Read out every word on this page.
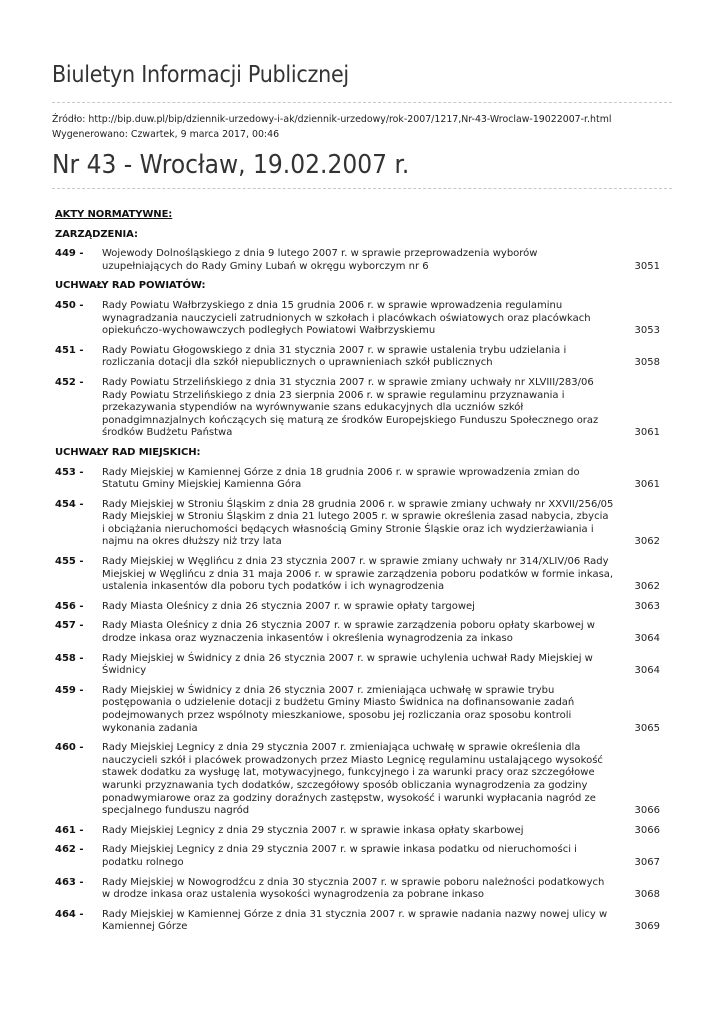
Biuletyn Informacji Publicznej
Źródło: http://bip.duw.pl/bip/dziennik-urzedowy-i-ak/dziennik-urzedowy/rok-2007/1217,Nr-43-Wroclaw-19022007-r.html
Wygenerowano: Czwartek, 9 marca 2017, 00:46
Nr 43 - Wrocław, 19.02.2007 r.
AKTY NORMATYWNE:
ZARZĄDZENIA:
449 -	Wojewody Dolnośląskiego z dnia 9 lutego 2007 r. w sprawie przeprowadzenia wyborów uzupełniających do Rady Gminy Lubań w okręgu wyborczym nr 6	3051
UCHWAŁY RAD POWIATÓW:
450 -	Rady Powiatu Wałbrzyskiego z dnia 15 grudnia 2006 r. w sprawie wprowadzenia regulaminu wynagradzania nauczycieli zatrudnionych w szkołach i placówkach oświatowych oraz placówkach opiekuńczo-wychowawczych podległych Powiatowi Wałbrzyskiemu	3053
451 -	Rady Powiatu Głogowskiego z dnia 31 stycznia 2007 r. w sprawie ustalenia trybu udzielania i rozliczania dotacji dla szkół niepublicznych o uprawnieniach szkół publicznych	3058
452 -	Rady Powiatu Strzelińskiego z dnia 31 stycznia 2007 r. w sprawie zmiany uchwały nr XLVIII/283/06 Rady Powiatu Strzelińskiego z dnia 23 sierpnia 2006 r. w sprawie regulaminu przyznawania i przekazywania stypendiów na wyrównywanie szans edukacyjnych dla uczniów szkół ponadgimnazjalnych kończących się maturą ze środków Europejskiego Funduszu Społecznego oraz środków Budżetu Państwa	3061
UCHWAŁY RAD MIEJSKICH:
453 -	Rady Miejskiej w Kamiennej Górze z dnia 18 grudnia 2006 r. w sprawie wprowadzenia zmian do Statutu Gminy Miejskiej Kamienna Góra	3061
454 -	Rady Miejskiej w Stroniu Śląskim z dnia 28 grudnia 2006 r. w sprawie zmiany uchwały nr XXVII/256/05 Rady Miejskiej w Stroniu Śląskim z dnia 21 lutego 2005 r. w sprawie określenia zasad nabycia, zbycia i obciążania nieruchomości będących własnością Gminy Stronie Śląskie oraz ich wydzierżawiania i najmu na okres dłuższy niż trzy lata	3062
455 -	Rady Miejskiej w Węglińcu z dnia 23 stycznia 2007 r. w sprawie zmiany uchwały nr 314/XLIV/06 Rady Miejskiej w Węglińcu z dnia 31 maja 2006 r. w sprawie zarządzenia poboru podatków w formie inkasa, ustalenia inkasentów dla poboru tych podatków i ich wynagrodzenia	3062
456 -	Rady Miasta Oleśnicy z dnia 26 stycznia 2007 r. w sprawie opłaty targowej	3063
457 -	Rady Miasta Oleśnicy z dnia 26 stycznia 2007 r. w sprawie zarządzenia poboru opłaty skarbowej w drodze inkasa oraz wyznaczenia inkasentów i określenia wynagrodzenia za inkaso	3064
458 -	Rady Miejskiej w Świdnicy z dnia 26 stycznia 2007 r. w sprawie uchylenia uchwał Rady Miejskiej w Świdnicy	3064
459 -	Rady Miejskiej w Świdnicy z dnia 26 stycznia 2007 r. zmieniająca uchwałę w sprawie trybu postępowania o udzielenie dotacji z budżetu Gminy Miasto Świdnica na dofinansowanie zadań podejmowanych przez wspólnoty mieszkaniowe, sposobu jej rozliczania oraz sposobu kontroli wykonania zadania	3065
460 -	Rady Miejskiej Legnicy z dnia 29 stycznia 2007 r. zmieniająca uchwałę w sprawie określenia dla nauczycieli szkół i placówek prowadzonych przez Miasto Legnicę regulaminu ustalającego wysokość stawek dodatku za wysługę lat, motywacyjnego, funkcyjnego i za warunki pracy oraz szczegółowe warunki przyznawania tych dodatków, szczegółowy sposób obliczania wynagrodzenia za godziny ponadwymiarowe oraz za godziny doraźnych zastępstw, wysokość i warunki wypłacania nagród ze specjalnego funduszu nagród	3066
461 -	Rady Miejskiej Legnicy z dnia 29 stycznia 2007 r. w sprawie inkasa opłaty skarbowej	3066
462 -	Rady Miejskiej Legnicy z dnia 29 stycznia 2007 r. w sprawie inkasa podatku od nieruchomości i podatku rolnego	3067
463 -	Rady Miejskiej w Nowogrodźcu z dnia 30 stycznia 2007 r. w sprawie poboru należności podatkowych w drodze inkasa oraz ustalenia wysokości wynagrodzenia za pobrane inkaso	3068
464 -	Rady Miejskiej w Kamiennej Górze z dnia 31 stycznia 2007 r. w sprawie nadania nazwy nowej ulicy w Kamiennej Górze	3069
